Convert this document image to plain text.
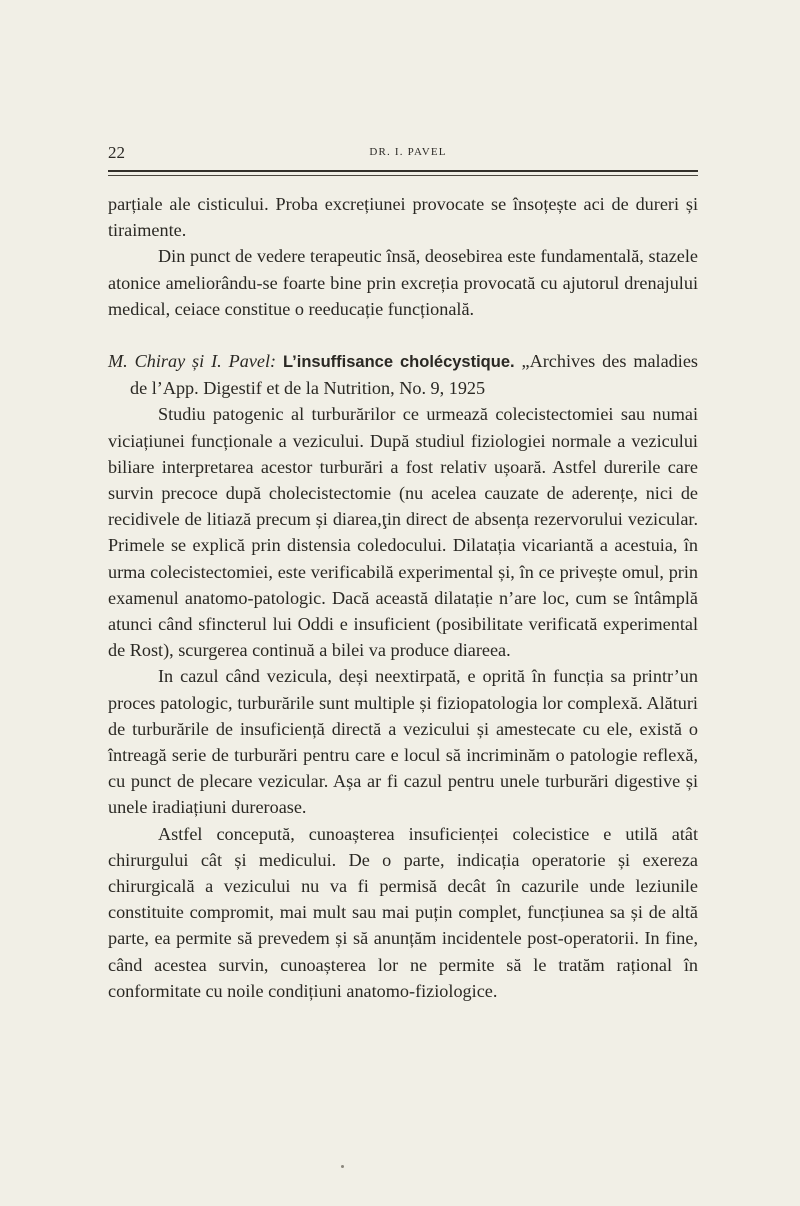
22	DR. I. PAVEL

parțiale ale cisticului. Proba excrețiunei provocate se însoțește aci de dureri și tiraimente.

Din punct de vedere terapeutic însă, deosebirea este fundamentală, stazele atonice ameliorându-se foarte bine prin excreția provocată cu ajutorul drenajului medical, ceiace constitue o reeducație funcțională.

M. Chiray și I. Pavel: L’insuffisance cholécystique. „Archives des maladies de l’App. Digestif et de la Nutrition, No. 9, 1925

Studiu patogenic al turburărilor ce urmează colecistectomiei sau numai viciațiunei funcționale a vezicului. După studiul fiziologiei normale a vezicului biliare interpretarea acestor turburări a fost relativ ușoară. Astfel durerile care survin precoce după cholecistectomie (nu acelea cauzate de aderențe, nici de recidivele de litiază precum și diarea,ţin direct de absența rezervorului vezicular. Primele se explică prin distensia coledocului. Dilatația vicariantă a acestuia, în urma colecistectomiei, este verificabilă experimental și, în ce privește omul, prin examenul anatomo-patologic. Dacă această dilatație n’are loc, cum se întâmplă atunci când sfincterul lui Oddi e insuficient (posibilitate verificată experimental de Rost), scurgerea continuă a bilei va produce diareea.

In cazul când vezicula, deși neextirpată, e oprită în funcția sa printr’un proces patologic, turburările sunt multiple și fiziopatologia lor complexă. Alături de turburările de insuficiență directă a vezicului și amestecate cu ele, există o întreagă serie de turburări pentru care e locul să incriminăm o patologie reflexă, cu punct de plecare vezicular. Așa ar fi cazul pentru unele turburări digestive și unele iradiațiuni dureroase.

Astfel concepută, cunoașterea insuficienței colecistice e utilă atât chirurgului cât și medicului. De o parte, indicația operatorie și exereza chirurgicală a vezicului nu va fi permisă decât în cazurile unde leziunile constituite compromit, mai mult sau mai puțin complet, funcțiunea sa și de altă parte, ea permite să prevedem și să anunțăm incidentele post-operatorii. In fine, când acestea survin, cunoașterea lor ne permite să le tratăm rațional în conformitate cu noile condițiuni anatomo-fiziologice.
